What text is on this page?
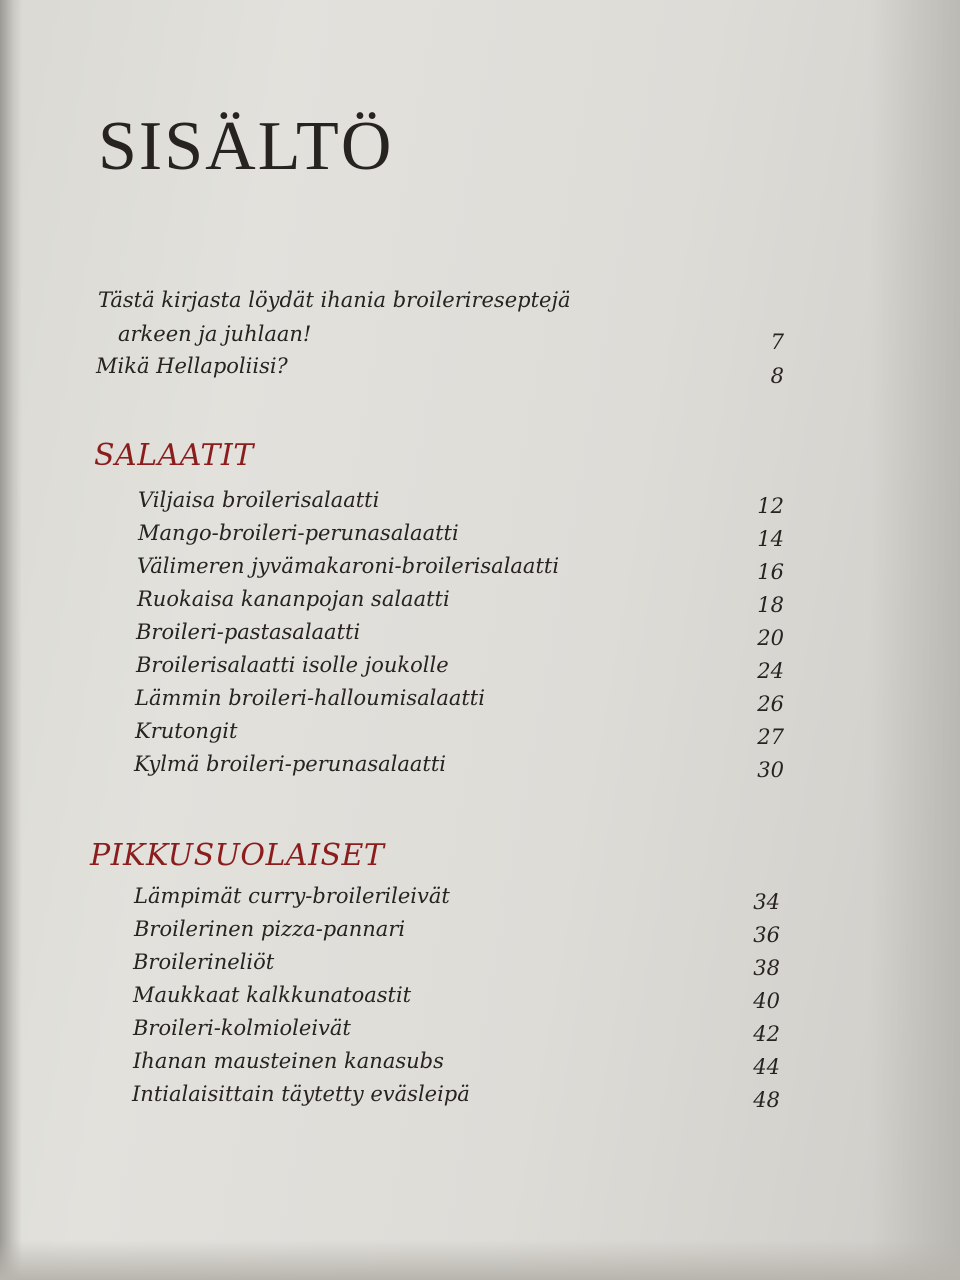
SISÄLTÖ
Tästä kirjasta löydät ihania broilerireseptejä
arkeen ja juhlaan!	7
Mikä Hellapoliisi?	8
SALAATIT
Viljaisa broilerisalaatti	12
Mango-broileri-perunasalaatti	14
Välimeren jyvämakaroni-broilerisalaatti	16
Ruokaisa kananpojan salaatti	18
Broileri-pastasalaatti	20
Broilerisalaatti isolle joukolle	24
Lämmin broileri-halloumisalaatti	26
Krutongit	27
Kylmä broileri-perunasalaatti	30
PIKKUSUOLAISET
Lämpimät curry-broilerileivät	34
Broilerinen pizza-pannari	36
Broilerineliöt	38
Maukkaat kalkkunatoastit	40
Broileri-kolmioleivät	42
Ihanan mausteinen kanasubs	44
Intialaisittain täytetty eväsleipä	48
